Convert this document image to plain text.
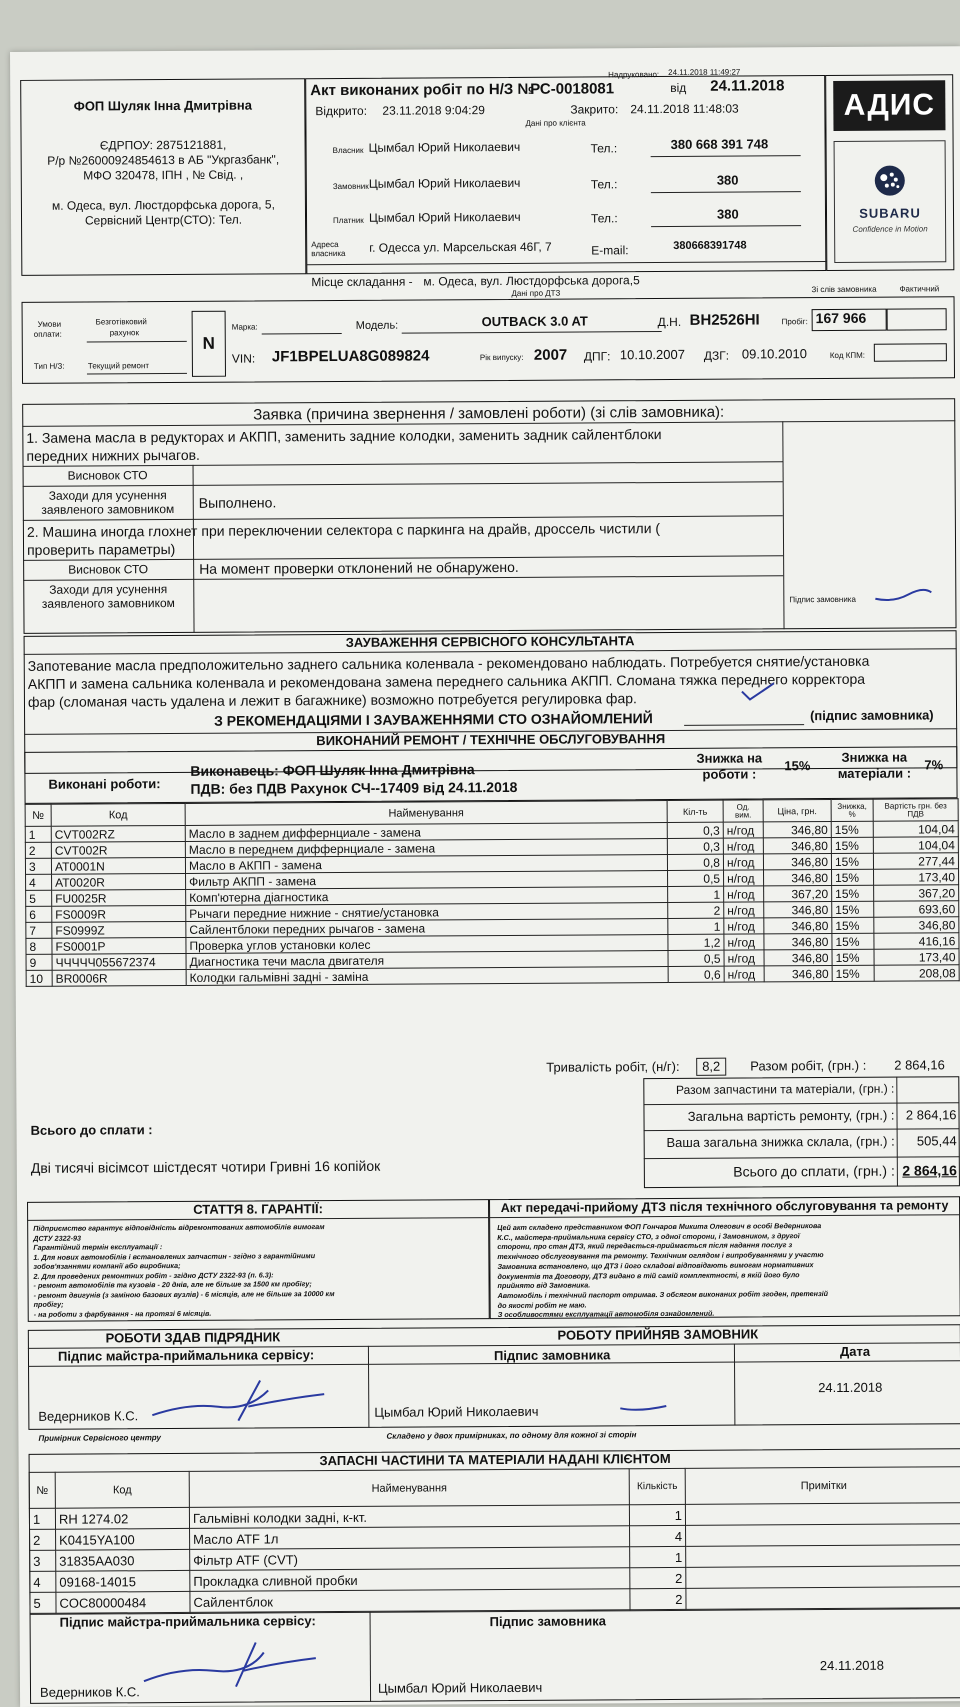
ФОП Шуляк Інна Дмитрівна
ЄДРПОУ: 2875121881,
Р/р №26000924854613 в АБ "Укргазбанк",
МФО 320478, ІПН , № Свід. ,
м. Одеса, вул. Люстдорфська дорога, 5,
Сервісний Центр(СТО): Тел.
Надруковано: 24.11.2018 11:49:27
Акт виконаних робіт по Н/З №
РС-0018081	від 24.11.2018
Відкрито: 23.11.2018 9:04:29	Закрито: 24.11.2018 11:48:03
Дані про клієнта
Власник Цымбал Юрий Николаевич	Тел.:	380 668 391 748
Замовник Цымбал Юрий Николаевич	Тел.:	380
Платник Цымбал Юрий Николаевич	Тел.:	380
Адреса
власника г. Одесса ул. Марсельская 46Г, 7	E-mail:	380668391748
Місце складання - м. Одеса, вул. Люстдорфська дорога,5
АДИС
SUBARU
Confidence in Motion
Дані про ДТЗ	Зі слів замовника	Фактичний
Умови
оплати:
Безготівковий
рахунок
Тип Н/З:	Текущий ремонт
N
Марка:	Модель:	OUTBACK 3.0 AT	Д.Н. ВН2526НІ	Пробіг: 167 966
VIN: JF1BPELUA8G089824	Рік випуску: 2007 ДПГ: 10.10.2007 ДЗГ: 09.10.2010	Код КПМ:
Заявка (причина звернення / замовлені роботи) (зі слів замовника):
1. Замена масла в редукторах и АКПП, заменить задние колодки, заменить задник сайлентблоки
передних нижних рычагов.
Висновок СТО
Заходи для усунення
заявленого замовником	Выполнено.
2. Машина иногда глохнет при переключении селектора с паркинга на драйв, дроссель чистили (
проверить параметры)
Висновок СТО	На момент проверки отклонений не обнаружено.
Заходи для усунення
заявленого замовником	Підпис замовника
ЗАУВАЖЕННЯ СЕРВІСНОГО КОНСУЛЬТАНТА
Запотевание масла предположительно заднего сальника коленвала - рекомендовано наблюдать. Потребуется снятие/установка
АКПП и замена сальника коленвала и рекомендована замена переднего сальника АКПП. Сломана тяжка переднего корректора
фар (сломаная часть удалена и лежит в багажнике) возможно потребуется регулировка фар.
З РЕКОМЕНДАЦІЯМИ І ЗАУВАЖЕННЯМИ СТО ОЗНАЙОМЛЕНИЙ	(підпис замовника)
ВИКОНАНИЙ РЕМОНТ / ТЕХНІЧНЕ ОБСЛУГОВУВАННЯ
Виконані роботи:
Виконавець: ФОП Шуляк Інна Дмитрівна
ПДВ: без ПДВ Рахунок СЧ--17409 від 24.11.2018
Знижка на
роботи :
15%
Знижка на
матеріали :
7%
№	Код	Найменування	Кіл-ть	Од.
вим.	Ціна, грн.	Знижка,
%	Вартість грн. без
ПДВ
1	CVT002RZ	Масло в заднем диффернциале - замена	0,3	н/год	346,80	15%	104,04
2	CVT002R	Масло в переднем диффернциале - замена	0,3	н/год	346,80	15%	104,04
3	AT0001N	Масло в АКПП - замена	0,8	н/год	346,80	15%	277,44
4	AT0020R	Фильтр АКПП - замена	0,5	н/год	346,80	15%	173,40
5	FU0025R	Комп'ютерна діагностика	1	н/год	367,20	15%	367,20
6	FS0009R	Рычаги передние нижние - снятие/установка	2	н/год	346,80	15%	693,60
7	FS0999Z	Сайлентблоки передних рычагов - замена	1	н/год	346,80	15%	346,80
8	FS0001P	Проверка углов установки колес	1,2	н/год	346,80	15%	416,16
9	ЧЧЧЧЧ055672374	Диагностика течи масла двигателя	0,5	н/год	346,80	15%	173,40
10	BR0006R	Колодки гальмівні задні - заміна	0,6	н/год	346,80	15%	208,08
Тривалість робіт, (н/г):	8,2	Разом робіт, (грн.) : 2 864,16
Разом запчастини та матеріали, (грн.) :
Загальна вартість ремонту, (грн.) : 2 864,16
Ваша загальна знижка склала, (грн.) :	505,44
Всього до сплати, (грн.) : 2 864,16
Всього до сплати :
Дві тисячі вісімсот шістдесят чотири Гривні 16 копійок
СТАТТЯ 8. ГАРАНТІЇ:
Підприємство гарантує відповідність відремонтованих автомобілів вимогам
ДСТУ 2322-93
Гарантійний термін експлуатації :
1. Для нових автомобілів і встановлених запчастин - згідно з гарантійними
зобов'язаннями компанії або виробника;
2. Для проведених ремонтних робіт - згідно ДСТУ 2322-93 (п. 6.3):
- ремонт автомобілів та кузовів - 20 днів, але не більше за 1500 км пробігу;
- ремонт двигунів (з заміною базових вузлів) - 6 місяців, але не більше за 10000 км
пробігу;
- на роботи з фарбування - на протязі 6 місяців.
Акт передачі-прийому ДТЗ після технічного обслуговування та ремонту
Цей акт складено представником ФОП Гончаров Микита Олегович в особі Ведерникова
К.С., майстера-приймальника сервісу СТО, з одної сторони, і Замовником, з другої
сторони, про стан ДТЗ, який передається-приймається після надання послуг з
технічного обслуговування та ремонту. Технічним оглядом і випробуваннями у участю
Замовника встановлено, що ДТЗ і його складові відповідають вимогам нормативних
документів та Договору, ДТЗ видано в тій самій комплектності, в якій його було
прийнято від Замовника.
Автомобіль і технічний паспорт отримав. З обсягом виконаних робіт згоден, претензій
до якості робіт не маю.
З особливостями експлуатації автомобіля ознайомлений.
РОБОТИ ЗДАВ ПІДРЯДНИК	РОБОТУ ПРИЙНЯВ ЗАМОВНИК
Підпис майстра-приймальника сервісу:	Підпис замовника	Дата
Ведерников К.С.	Цымбал Юрий Николаевич
24.11.2018
Примірник Сервісного центру	Складено у двох примірниках, по одному для кожної зі сторін
ЗАПАСНІ ЧАСТИНИ ТА МАТЕРІАЛИ НАДАНІ КЛІЄНТОМ
№	Код	Найменування	Кількість	Примітки
1	RH 1274.02	Гальмівні колодки задні, к-кт.	1	
2	K0415YA100	Масло ATF 1л	4	
3	31835AA030	Фільтр ATF (CVT)	1	
4	09168-14015	Прокладка сливной пробки	2	
5	COC80000484	Сайлентблок	2	
Підпис майстра-приймальника сервісу:	Підпис замовника
Ведерников К.С.	Цымбал Юрий Николаевич
24.11.2018
